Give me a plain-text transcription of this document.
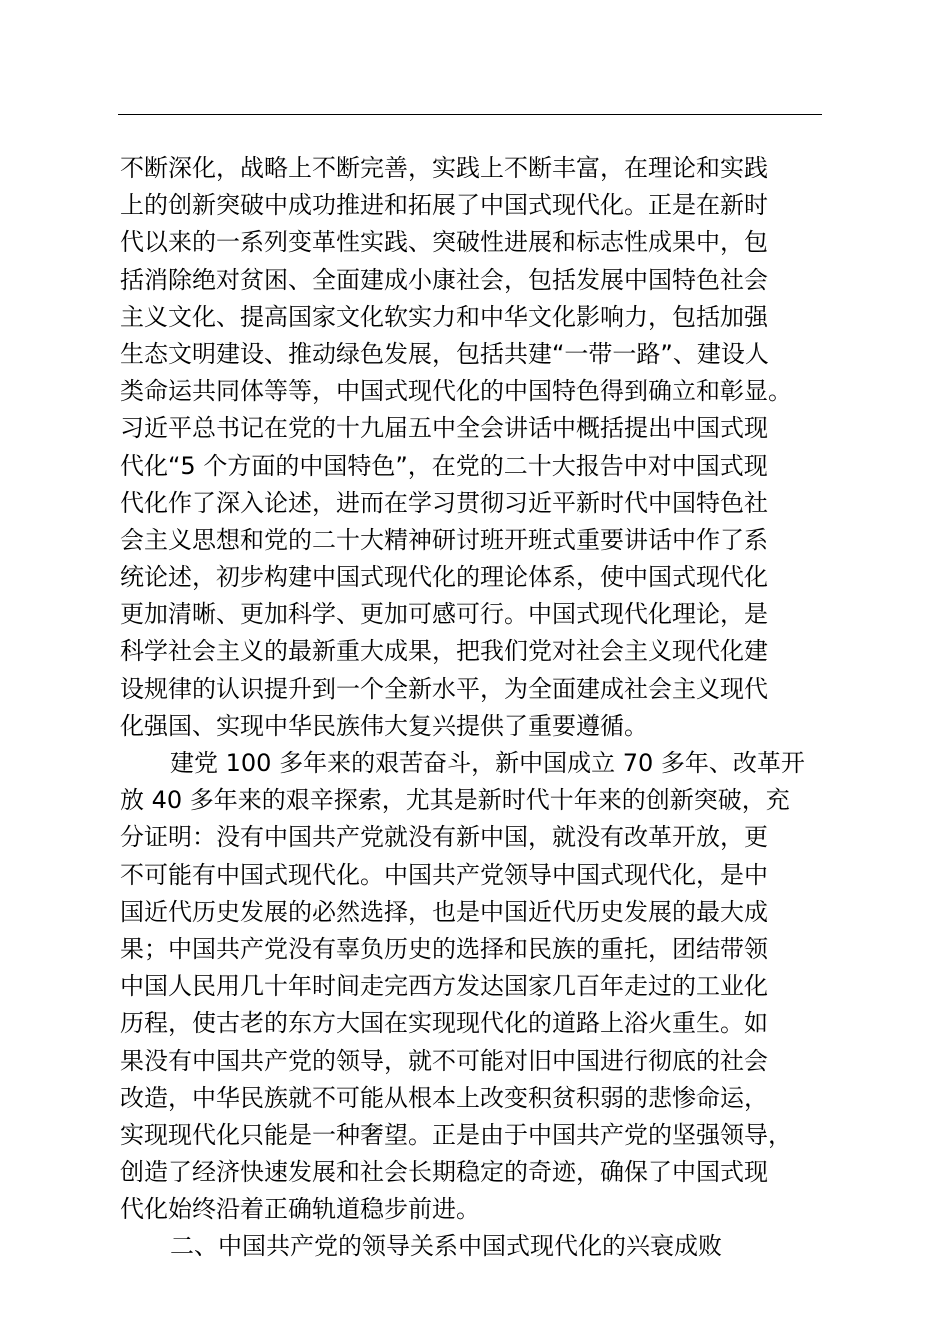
不断深化，战略上不断完善，实践上不断丰富，在理论和实践
上的创新突破中成功推进和拓展了中国式现代化。正是在新时
代以来的一系列变革性实践、突破性进展和标志性成果中，包
括消除绝对贫困、全面建成小康社会，包括发展中国特色社会
主义文化、提高国家文化软实力和中华文化影响力，包括加强
生态文明建设、推动绿色发展，包括共建“一带一路”、建设人
类命运共同体等等，中国式现代化的中国特色得到确立和彰显。
习近平总书记在党的十九届五中全会讲话中概括提出中国式现
代化“5 个方面的中国特色”，在党的二十大报告中对中国式现
代化作了深入论述，进而在学习贯彻习近平新时代中国特色社
会主义思想和党的二十大精神研讨班开班式重要讲话中作了系
统论述，初步构建中国式现代化的理论体系，使中国式现代化
更加清晰、更加科学、更加可感可行。中国式现代化理论，是
科学社会主义的最新重大成果，把我们党对社会主义现代化建
设规律的认识提升到一个全新水平，为全面建成社会主义现代
化强国、实现中华民族伟大复兴提供了重要遵循。
建党 100 多年来的艰苦奋斗，新中国成立 70 多年、改革开
放 40 多年来的艰辛探索，尤其是新时代十年来的创新突破，充
分证明：没有中国共产党就没有新中国，就没有改革开放，更
不可能有中国式现代化。中国共产党领导中国式现代化，是中
国近代历史发展的必然选择，也是中国近代历史发展的最大成
果；中国共产党没有辜负历史的选择和民族的重托，团结带领
中国人民用几十年时间走完西方发达国家几百年走过的工业化
历程，使古老的东方大国在实现现代化的道路上浴火重生。如
果没有中国共产党的领导，就不可能对旧中国进行彻底的社会
改造，中华民族就不可能从根本上改变积贫积弱的悲惨命运，
实现现代化只能是一种奢望。正是由于中国共产党的坚强领导，
创造了经济快速发展和社会长期稳定的奇迹，确保了中国式现
代化始终沿着正确轨道稳步前进。
二、中国共产党的领导关系中国式现代化的兴衰成败
